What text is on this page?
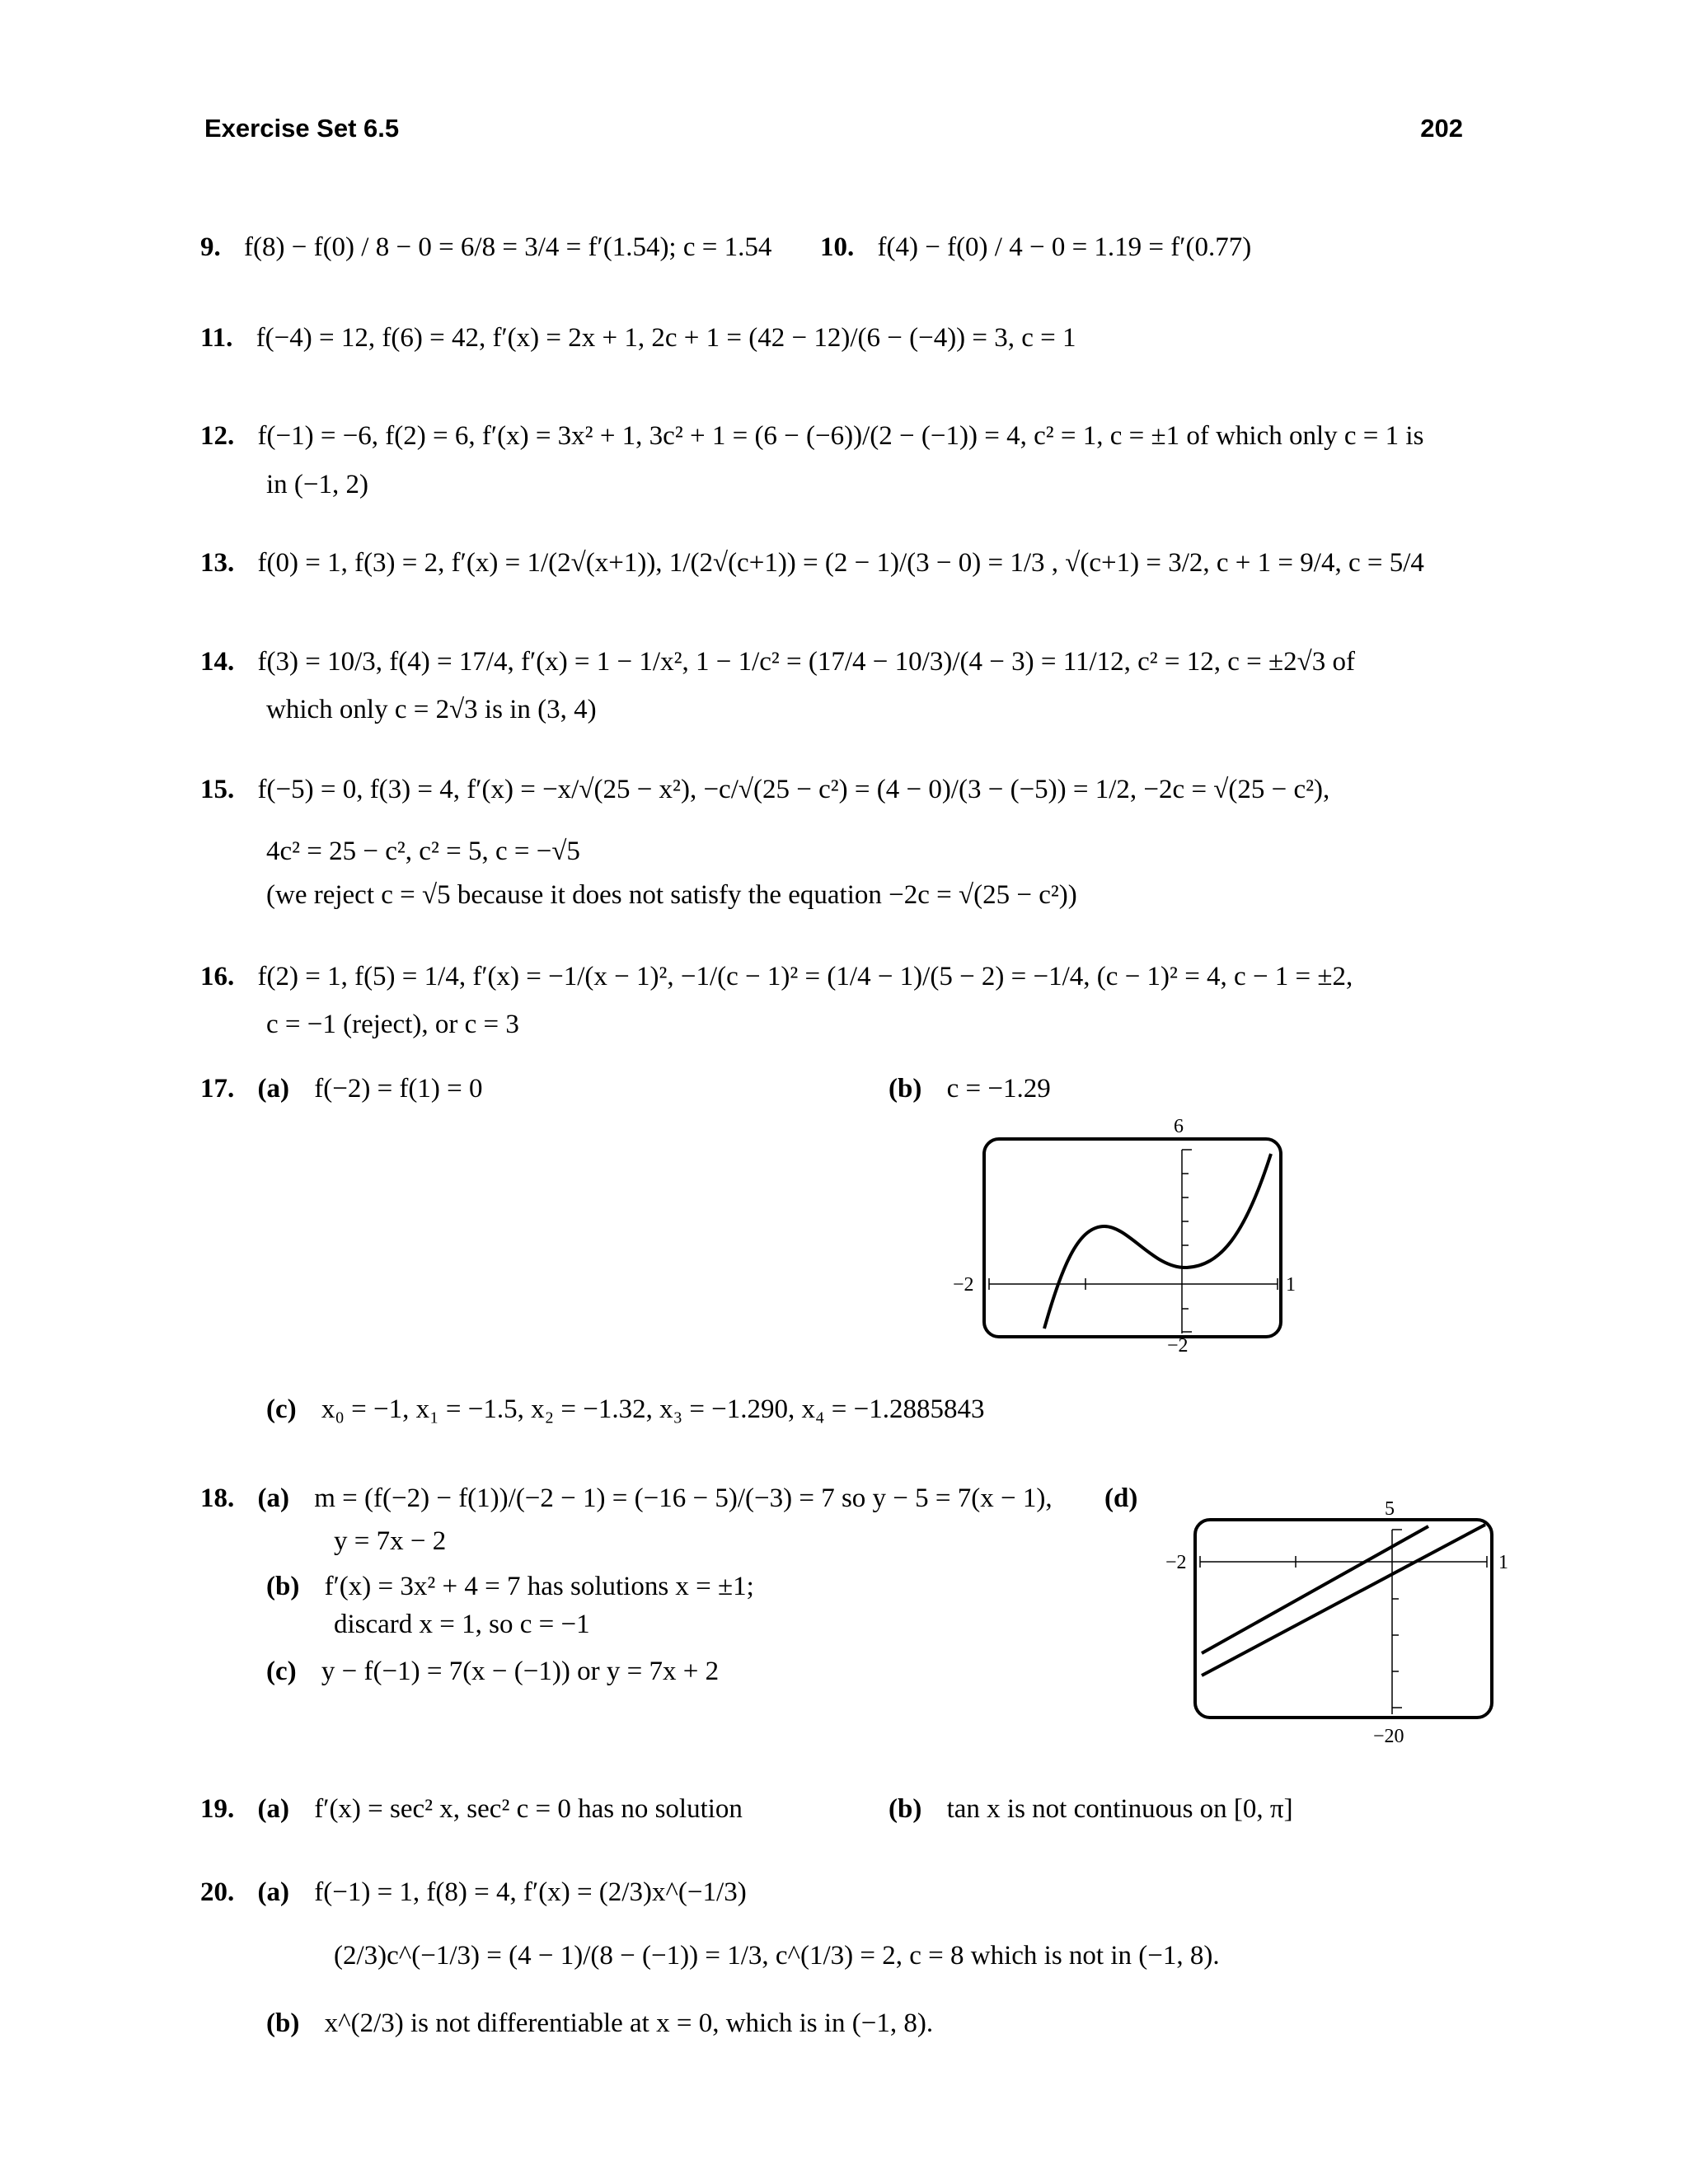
Exercise Set 6.5	202
9. f(8) − f(0) / 8 − 0 = 6/8 = 3/4 = f′(1.54); c = 1.54 10. f(4) − f(0) / 4 − 0 = 1.19 = f′(0.77)
11. f(−4) = 12, f(6) = 42, f′(x) = 2x + 1, 2c + 1 = (42 − 12)/(6 − (−4)) = 3, c = 1
12. f(−1) = −6, f(2) = 6, f′(x) = 3x² + 1, 3c² + 1 = (6 − (−6))/(2 − (−1)) = 4, c² = 1, c = ±1 of which only c = 1 is
in (−1, 2)
13. f(0) = 1, f(3) = 2, f′(x) = 1/(2√(x+1)), 1/(2√(c+1)) = (2 − 1)/(3 − 0) = 1/3 , √(c+1) = 3/2, c + 1 = 9/4, c = 5/4
14. f(3) = 10/3, f(4) = 17/4, f′(x) = 1 − 1/x², 1 − 1/c² = (17/4 − 10/3)/(4 − 3) = 11/12, c² = 12, c = ±2√3 of
which only c = 2√3 is in (3, 4)
15. f(−5) = 0, f(3) = 4, f′(x) = −x/√(25 − x²), −c/√(25 − c²) = (4 − 0)/(3 − (−5)) = 1/2, −2c = √(25 − c²),
4c² = 25 − c², c² = 5, c = −√5
(we reject c = √5 because it does not satisfy the equation −2c = √(25 − c²))
16. f(2) = 1, f(5) = 1/4, f′(x) = −1/(x − 1)², −1/(c − 1)² = (1/4 − 1)/(5 − 2) = −1/4, (c − 1)² = 4, c − 1 = ±2,
c = −1 (reject), or c = 3
17. (a) f(−2) = f(1) = 0	(b) c = −1.29
6
−2
−2	1
(c) x₀ = −1, x₁ = −1.5, x₂ = −1.32, x₃ = −1.290, x₄ = −1.2885843
18. (a) m = (f(−2) − f(1))/(−2 − 1) = (−16 − 5)/(−3) = 7 so y − 5 = 7(x − 1),
y = 7x − 2
(b) f′(x) = 3x² + 4 = 7 has solutions x = ±1;
discard x = 1, so c = −1
(c) y − f(−1) = 7(x − (−1)) or y = 7x + 2
(d)	5
−20
−2	1
19. (a) f′(x) = sec² x, sec² c = 0 has no solution	(b) tan x is not continuous on [0, π]
20. (a) f(−1) = 1, f(8) = 4, f′(x) = (2/3)x^(−1/3)
(2/3)c^(−1/3) = (4 − 1)/(8 − (−1)) = 1/3, c^(1/3) = 2, c = 8 which is not in (−1, 8).
(b) x^(2/3) is not differentiable at x = 0, which is in (−1, 8).
